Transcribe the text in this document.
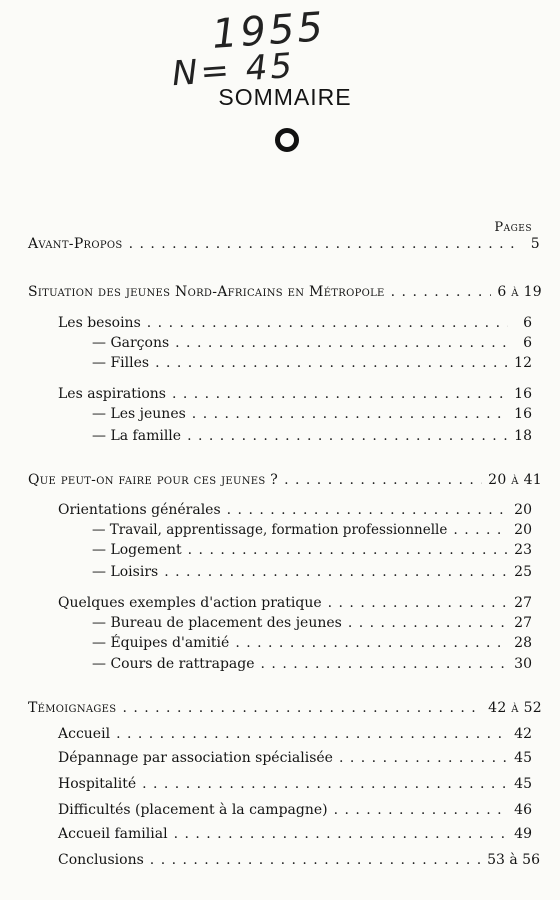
1955
N= 45
SOMMAIRE
Pages
Avant-Propos . . .	5
Situation des jeunes Nord-Africains en Métropole . . .	6 à 19
Les besoins . . .	6
— Garçons . . .	6
— Filles . . .	12
Les aspirations . . .	16
— Les jeunes . . .	16
— La famille . . .	18
Que peut-on faire pour ces jeunes ? . . .	20 à 41
Orientations générales . . .	20
— Travail, apprentissage, formation professionnelle . . .	20
— Logement . . .	23
— Loisirs . . .	25
Quelques exemples d'action pratique . . .	27
— Bureau de placement des jeunes . . .	27
— Équipes d'amitié . . .	28
— Cours de rattrapage . . .	30
Témoignages . . .	42 à 52
Accueil . . .	42
Dépannage par association spécialisée . . .	45
Hospitalité . . .	45
Difficultés (placement à la campagne) . . .	46
Accueil familial . . .	49
Conclusions . . .	53 à 56
